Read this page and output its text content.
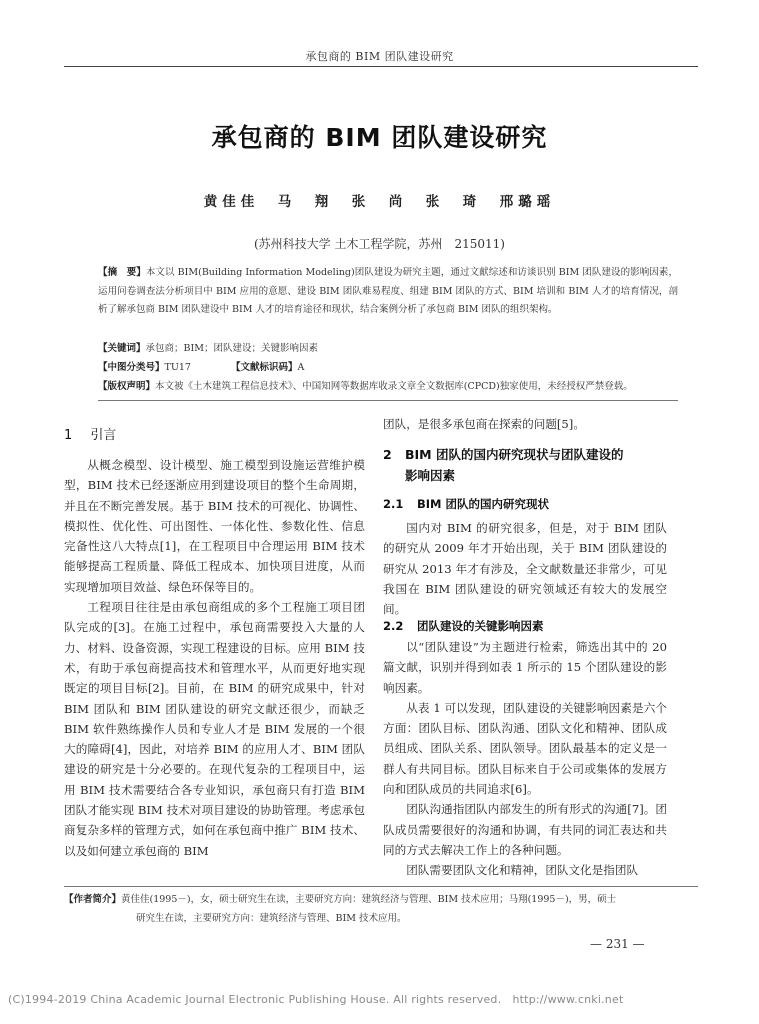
承包商的 BIM 团队建设研究
承包商的 BIM 团队建设研究
黄佳佳　马　翔　张　尚　张　琦　邢璐瑶
(苏州科技大学 土木工程学院，苏州　215011)
【摘　要】本文以 BIM(Building Information Modeling)团队建设为研究主题，通过文献综述和访谈识别 BIM 团队建设的影响因素，运用问卷调查法分析项目中 BIM 应用的意愿、建设 BIM 团队难易程度、组建 BIM 团队的方式、BIM 培训和 BIM 人才的培育情况，剖析了解承包商 BIM 团队建设中 BIM 人才的培育途径和现状，结合案例分析了承包商 BIM 团队的组织架构。
【关键词】承包商；BIM；团队建设；关键影响因素
【中图分类号】TU17	【文献标识码】A
【版权声明】本文被《土木建筑工程信息技术》、中国知网等数据库收录文章全文数据库(CPCD)独家使用，未经授权严禁登载。
1 引言

从概念模型、设计模型、施工模型到设施运营维护模型，BIM 技术已经逐渐应用到建设项目的整个生命周期，并且在不断完善发展。基于 BIM 技术的可视化、协调性、模拟性、优化性、可出图性、一体化性、参数化性、信息完备性这八大特点[1]，在工程项目中合理运用 BIM 技术能够提高工程质量、降低工程成本、加快项目进度，从而实现增加项目效益、绿色环保等目的。

工程项目往往是由承包商组成的多个工程施工项目团队完成的[3]。在施工过程中，承包商需要投入大量的人力、材料、设备资源，实现工程建设的目标。应用 BIM 技术，有助于承包商提高技术和管理水平，从而更好地实现既定的项目目标[2]。目前，在 BIM 的研究成果中，针对 BIM 团队和 BIM 团队建设的研究文献还很少，而缺乏 BIM 软件熟练操作人员和专业人才是 BIM 发展的一个很大的障碍[4]，因此，对培养 BIM 的应用人才、BIM 团队建设的研究是十分必要的。在现代复杂的工程项目中，运用 BIM 技术需要结合各专业知识，承包商只有打造 BIM 团队才能实现 BIM 技术对项目建设的协助管理。考虑承包商复杂多样的管理方式，如何在承包商中推广 BIM 技术、以及如何建立承包商的 BIM

团队，是很多承包商在探索的问题[5]。
2 BIM 团队的国内研究现状与团队建设的
影响因素
2.1 BIM 团队的国内研究现状

国内对 BIM 的研究很多，但是，对于 BIM 团队的研究从 2009 年才开始出现，关于 BIM 团队建设的研究从 2013 年才有涉及，全文献数量还非常少，可见我国在 BIM 团队建设的研究领域还有较大的发展空间。

2.2 团队建设的关键影响因素

以“团队建设”为主题进行检索，筛选出其中的 20 篇文献，识别并得到如表 1 所示的 15 个团队建设的影响因素。

从表 1 可以发现，团队建设的关键影响因素是六个方面：团队目标、团队沟通、团队文化和精神、团队成员组成、团队关系、团队领导。团队最基本的定义是一群人有共同目标。团队目标来自于公司或集体的发展方向和团队成员的共同追求[6]。

团队沟通指团队内部发生的所有形式的沟通[7]。团队成员需要很好的沟通和协调，有共同的词汇表达和共同的方式去解决工作上的各种问题。

团队需要团队文化和精神，团队文化是指团队

【作者简介】黄佳佳(1995－)，女，硕士研究生在读，主要研究方向：建筑经济与管理、BIM 技术应用；马翔(1995－)，男，硕士
研究生在读，主要研究方向：建筑经济与管理、BIM 技术应用。
— 231 —
(C)1994-2019 China Academic Journal Electronic Publishing House. All rights reserved.　http://www.cnki.net
